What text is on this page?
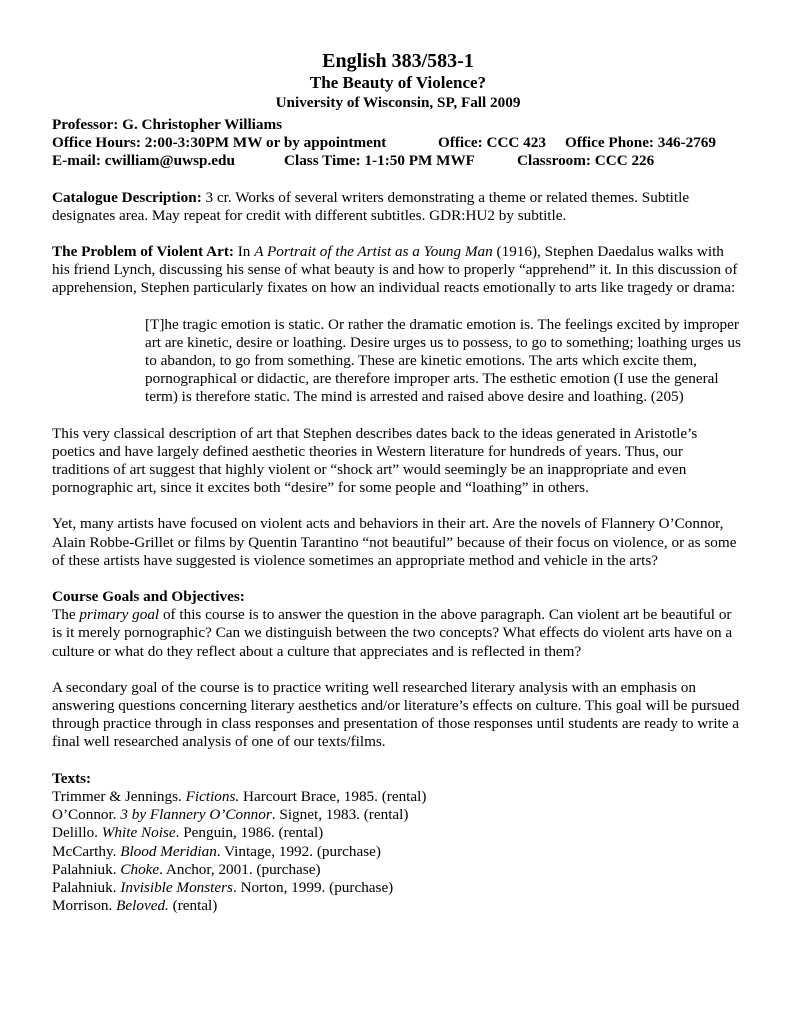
English 383/583-1
The Beauty of Violence?
University of Wisconsin, SP, Fall 2009
Professor: G. Christopher Williams
Office Hours: 2:00-3:30PM MW or by appointment	Office: CCC 423	Office Phone: 346-2769
E-mail: cwilliam@uwsp.edu	Class Time: 1-1:50 PM MWF	Classroom: CCC 226

Catalogue Description: 3 cr. Works of several writers demonstrating a theme or related themes. Subtitle designates area. May repeat for credit with different subtitles. GDR:HU2 by subtitle.

The Problem of Violent Art: In A Portrait of the Artist as a Young Man (1916), Stephen Daedalus walks with his friend Lynch, discussing his sense of what beauty is and how to properly “apprehend” it. In this discussion of apprehension, Stephen particularly fixates on how an individual reacts emotionally to arts like tragedy or drama:

[T]he tragic emotion is static. Or rather the dramatic emotion is. The feelings excited by improper art are kinetic, desire or loathing. Desire urges us to possess, to go to something; loathing urges us to abandon, to go from something. These are kinetic emotions. The arts which excite them, pornographical or didactic, are therefore improper arts. The esthetic emotion (I use the general term) is therefore static. The mind is arrested and raised above desire and loathing. (205)

This very classical description of art that Stephen describes dates back to the ideas generated in Aristotle’s poetics and have largely defined aesthetic theories in Western literature for hundreds of years. Thus, our traditions of art suggest that highly violent or “shock art” would seemingly be an inappropriate and even pornographic art, since it excites both “desire” for some people and “loathing” in others.

Yet, many artists have focused on violent acts and behaviors in their art. Are the novels of Flannery O’Connor, Alain Robbe-Grillet or films by Quentin Tarantino “not beautiful” because of their focus on violence, or as some of these artists have suggested is violence sometimes an appropriate method and vehicle in the arts?

Course Goals and Objectives:

The primary goal of this course is to answer the question in the above paragraph. Can violent art be beautiful or is it merely pornographic? Can we distinguish between the two concepts? What effects do violent arts have on a culture or what do they reflect about a culture that appreciates and is reflected in them?

A secondary goal of the course is to practice writing well researched literary analysis with an emphasis on answering questions concerning literary aesthetics and/or literature’s effects on culture. This goal will be pursued through practice through in class responses and presentation of those responses until students are ready to write a final well researched analysis of one of our texts/films.

Texts:
Trimmer & Jennings. Fictions. Harcourt Brace, 1985. (rental)
O’Connor. 3 by Flannery O’Connor. Signet, 1983. (rental)
Delillo. White Noise. Penguin, 1986. (rental)
McCarthy. Blood Meridian. Vintage, 1992. (purchase)
Palahniuk. Choke. Anchor, 2001. (purchase)
Palahniuk. Invisible Monsters. Norton, 1999. (purchase)
Morrison. Beloved. (rental)
